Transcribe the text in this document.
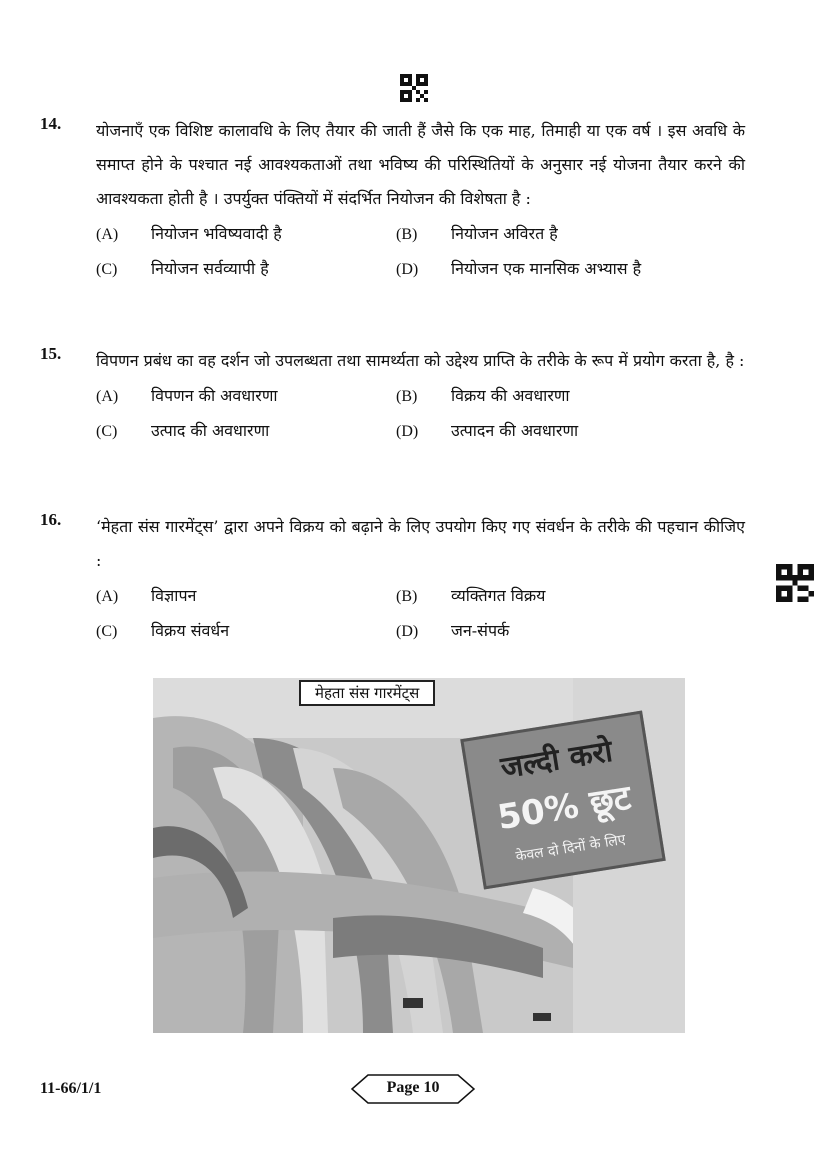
14. योजनाएँ एक विशिष्ट कालावधि के लिए तैयार की जाती हैं जैसे कि एक माह, तिमाही या एक वर्ष । इस अवधि के समाप्त होने के पश्चात नई आवश्यकताओं तथा भविष्य की परिस्थितियों के अनुसार नई योजना तैयार करने की आवश्यकता होती है । उपर्युक्त पंक्तियों में संदर्भित नियोजन की विशेषता है :
(A) नियोजन भविष्यवादी है	(B) नियोजन अविरत है
(C) नियोजन सर्वव्यापी है	(D) नियोजन एक मानसिक अभ्यास है
15. विपणन प्रबंध का वह दर्शन जो उपलब्धता तथा सामर्थ्यता को उद्देश्य प्राप्ति के तरीके के रूप में प्रयोग करता है, है :
(A) विपणन की अवधारणा	(B) विक्रय की अवधारणा
(C) उत्पाद की अवधारणा	(D) उत्पादन की अवधारणा
16. ‘मेहता संस गारमेंट्स’ द्वारा अपने विक्रय को बढ़ाने के लिए उपयोग किए गए संवर्धन के तरीके की पहचान कीजिए :
(A) विज्ञापन	(B) व्यक्तिगत विक्रय
(C) विक्रय संवर्धन	(D) जन-संपर्क
मेहता संस गारमेंट्स
जल्दी करो
50% छूट
केवल दो दिनों के लिए
11-66/1/1	Page 10
